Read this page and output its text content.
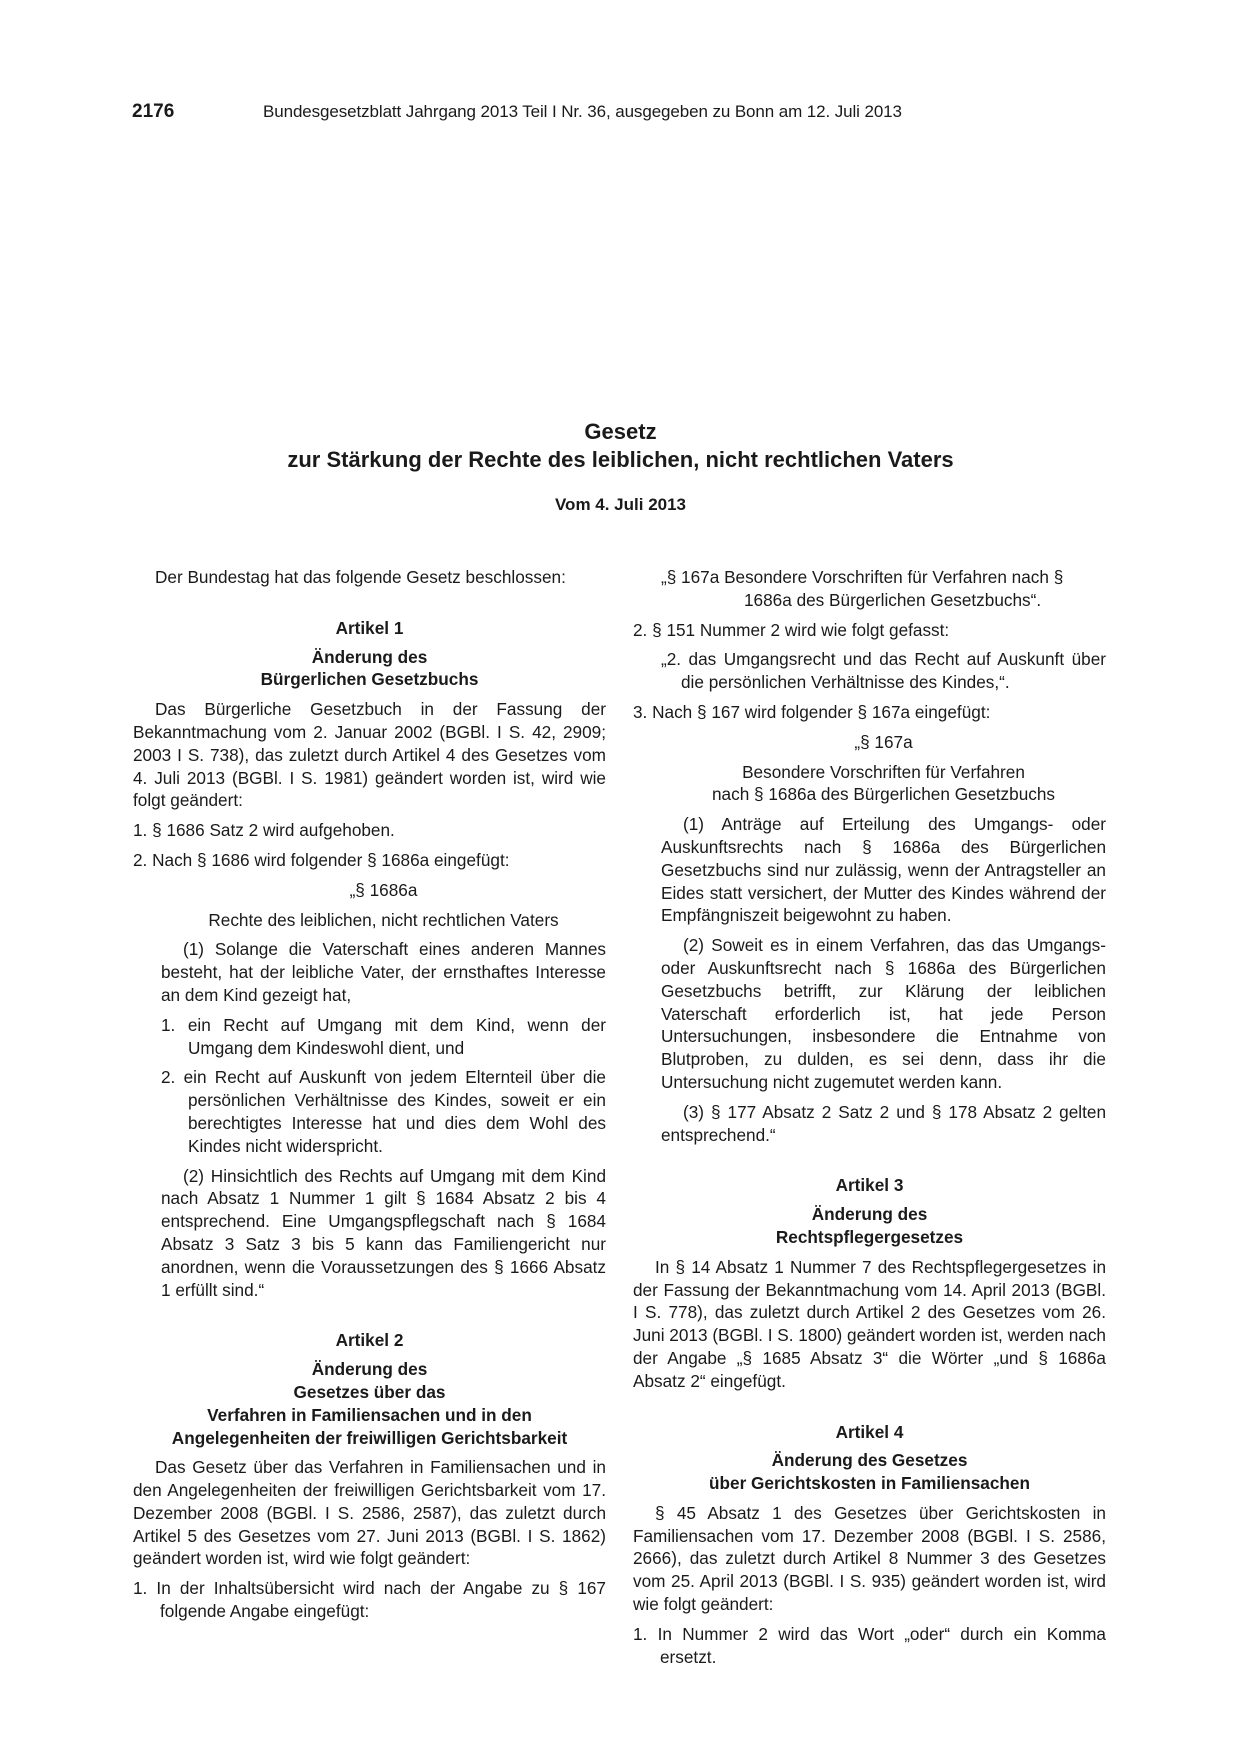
2176	Bundesgesetzblatt Jahrgang 2013 Teil I Nr. 36, ausgegeben zu Bonn am 12. Juli 2013
Gesetz
zur Stärkung der Rechte des leiblichen, nicht rechtlichen Vaters
Vom 4. Juli 2013

Der Bundestag hat das folgende Gesetz beschlossen:

Artikel 1

Änderung des

Bürgerlichen Gesetzbuchs

Das Bürgerliche Gesetzbuch in der Fassung der Bekanntmachung vom 2. Januar 2002 (BGBl. I S. 42, 2909; 2003 I S. 738), das zuletzt durch Artikel 4 des Gesetzes vom 4. Juli 2013 (BGBl. I S. 1981) geändert worden ist, wird wie folgt geändert:

1. § 1686 Satz 2 wird aufgehoben.

2. Nach § 1686 wird folgender § 1686a eingefügt:

„§ 1686a

Rechte des leiblichen, nicht rechtlichen Vaters

(1) Solange die Vaterschaft eines anderen Mannes besteht, hat der leibliche Vater, der ernsthaftes Interesse an dem Kind gezeigt hat,

1. ein Recht auf Umgang mit dem Kind, wenn der Umgang dem Kindeswohl dient, und

2. ein Recht auf Auskunft von jedem Elternteil über die persönlichen Verhältnisse des Kindes, soweit er ein berechtigtes Interesse hat und dies dem Wohl des Kindes nicht widerspricht.

(2) Hinsichtlich des Rechts auf Umgang mit dem Kind nach Absatz 1 Nummer 1 gilt § 1684 Absatz 2 bis 4 entsprechend. Eine Umgangspflegschaft nach § 1684 Absatz 3 Satz 3 bis 5 kann das Familiengericht nur anordnen, wenn die Voraussetzungen des § 1666 Absatz 1 erfüllt sind.“

Artikel 2

Änderung des

Gesetzes über das

Verfahren in Familiensachen und in den

Angelegenheiten der freiwilligen Gerichtsbarkeit

Das Gesetz über das Verfahren in Familiensachen und in den Angelegenheiten der freiwilligen Gerichtsbarkeit vom 17. Dezember 2008 (BGBl. I S. 2586, 2587), das zuletzt durch Artikel 5 des Gesetzes vom 27. Juni 2013 (BGBl. I S. 1862) geändert worden ist, wird wie folgt geändert:

1. In der Inhaltsübersicht wird nach der Angabe zu § 167 folgende Angabe eingefügt:

„§ 167a Besondere Vorschriften für Verfahren nach § 1686a des Bürgerlichen Gesetzbuchs“.

2. § 151 Nummer 2 wird wie folgt gefasst:

„2. das Umgangsrecht und das Recht auf Auskunft über die persönlichen Verhältnisse des Kindes,“.

3. Nach § 167 wird folgender § 167a eingefügt:

„§ 167a

Besondere Vorschriften für Verfahren

nach § 1686a des Bürgerlichen Gesetzbuchs

(1) Anträge auf Erteilung des Umgangs- oder Auskunftsrechts nach § 1686a des Bürgerlichen Gesetzbuchs sind nur zulässig, wenn der Antragsteller an Eides statt versichert, der Mutter des Kindes während der Empfängniszeit beigewohnt zu haben.

(2) Soweit es in einem Verfahren, das das Umgangs- oder Auskunftsrecht nach § 1686a des Bürgerlichen Gesetzbuchs betrifft, zur Klärung der leiblichen Vaterschaft erforderlich ist, hat jede Person Untersuchungen, insbesondere die Entnahme von Blutproben, zu dulden, es sei denn, dass ihr die Untersuchung nicht zugemutet werden kann.

(3) § 177 Absatz 2 Satz 2 und § 178 Absatz 2 gelten entsprechend.“

Artikel 3

Änderung des

Rechtspflegergesetzes

In § 14 Absatz 1 Nummer 7 des Rechtspflegergesetzes in der Fassung der Bekanntmachung vom 14. April 2013 (BGBl. I S. 778), das zuletzt durch Artikel 2 des Gesetzes vom 26. Juni 2013 (BGBl. I S. 1800) geändert worden ist, werden nach der Angabe „§ 1685 Absatz 3“ die Wörter „und § 1686a Absatz 2“ eingefügt.

Artikel 4

Änderung des Gesetzes

über Gerichtskosten in Familiensachen

§ 45 Absatz 1 des Gesetzes über Gerichtskosten in Familiensachen vom 17. Dezember 2008 (BGBl. I S. 2586, 2666), das zuletzt durch Artikel 8 Nummer 3 des Gesetzes vom 25. April 2013 (BGBl. I S. 935) geändert worden ist, wird wie folgt geändert:

1. In Nummer 2 wird das Wort „oder“ durch ein Komma ersetzt.
